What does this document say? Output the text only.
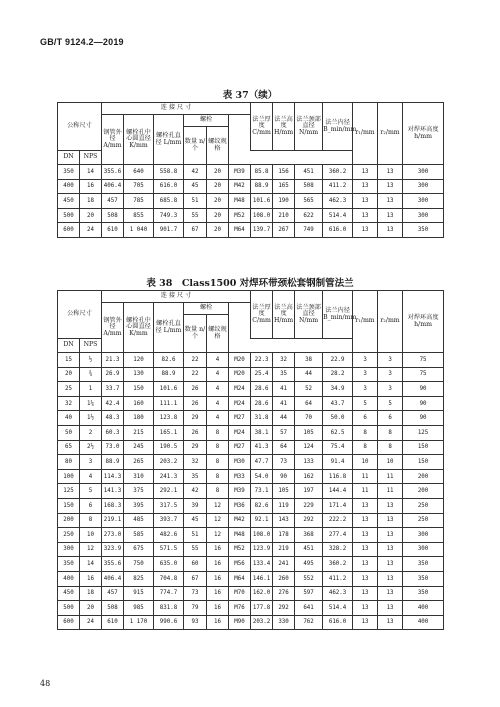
GB/T 9124.2—2019
表 37（续）
公称尺寸		连 接 尺 寸						法兰厚度 C/mm	法兰高度 H/mm	法兰颈部直径 N/mm	法兰内径 B_min/mm	r₁/mm	r₂/mm	对焊环高度 h/mm
		钢管外径 A/mm	螺栓孔中心圆直径 K/mm	螺栓孔直径 L/mm	螺栓									
					数量 n/个	螺纹规格								
DN	NPS													
350	14	355.6	640	558.8	42	20	M39	85.8	156	451	360.2	13	13	300
400	16	406.4	705	616.0	45	20	M42	88.9	165	508	411.2	13	13	300
450	18	457	785	685.8	51	20	M48	101.6	190	565	462.3	13	13	300
500	20	508	855	749.3	55	20	M52	108.0	210	622	514.4	13	13	300
600	24	610	1 040	901.7	67	20	M64	139.7	267	749	616.0	13	13	350
表 38　Class1500 对焊环带颈松套钢制管法兰
公称尺寸		连 接 尺 寸						法兰厚度 C/mm	法兰高度 H/mm	法兰颈部直径 N/mm	法兰内径 B_min/mm	r₁/mm	r₂/mm	对焊环高度 h/mm
		钢管外径 A/mm	螺栓孔中心圆直径 K/mm	螺栓孔直径 L/mm	螺栓									
					数量 n/个	螺纹规格								
DN	NPS													
15	½	21.3	120	82.6	22	4	M20	22.3	32	38	22.9	3	3	75
20	¾	26.9	130	88.9	22	4	M20	25.4	35	44	28.2	3	3	75
25	1	33.7	150	101.6	26	4	M24	28.6	41	52	34.9	3	3	90
32	1¼	42.4	160	111.1	26	4	M24	28.6	41	64	43.7	5	5	90
40	1½	48.3	180	123.8	29	4	M27	31.8	44	70	50.0	6	6	90
50	2	60.3	215	165.1	26	8	M24	38.1	57	105	62.5	8	8	125
65	2½	73.0	245	190.5	29	8	M27	41.3	64	124	75.4	8	8	150
80	3	88.9	265	203.2	32	8	M30	47.7	73	133	91.4	10	10	150
100	4	114.3	310	241.3	35	8	M33	54.0	90	162	116.8	11	11	200
125	5	141.3	375	292.1	42	8	M39	73.1	105	197	144.4	11	11	200
150	6	168.3	395	317.5	39	12	M36	82.6	119	229	171.4	13	13	250
200	8	219.1	485	393.7	45	12	M42	92.1	143	292	222.2	13	13	250
250	10	273.0	585	482.6	51	12	M48	108.0	178	368	277.4	13	13	300
300	12	323.9	675	571.5	55	16	M52	123.9	219	451	328.2	13	13	300
350	14	355.6	750	635.0	60	16	M56	133.4	241	495	360.2	13	13	350
400	16	406.4	825	704.8	67	16	M64	146.1	260	552	411.2	13	13	350
450	18	457	915	774.7	73	16	M70	162.0	276	597	462.3	13	13	350
500	20	508	985	831.8	79	16	M76	177.8	292	641	514.4	13	13	400
600	24	610	1 170	990.6	93	16	M90	203.2	330	762	616.0	13	13	400
48
